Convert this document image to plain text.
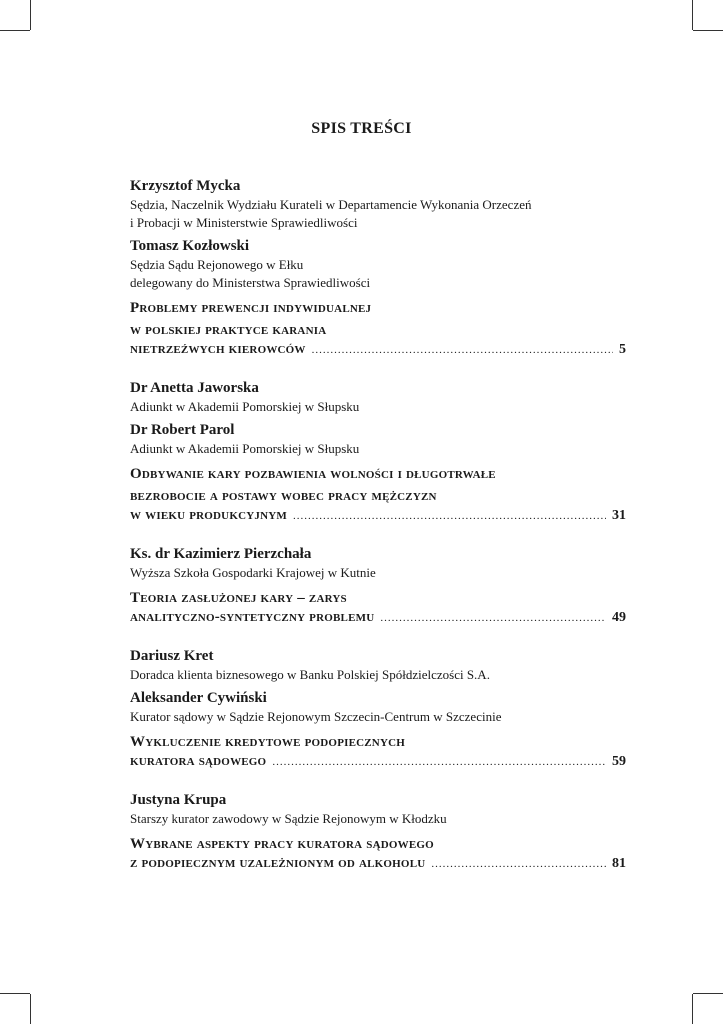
SPIS TREŚCI
Krzysztof Mycka
Sędzia, Naczelnik Wydziału Kurateli w Departamencie Wykonania Orzeczeń
i Probacji w Ministerstwie Sprawiedliwości
Tomasz Kozłowski
Sędzia Sądu Rejonowego w Ełku
delegowany do Ministerstwa Sprawiedliwości
Problemy prewencji indywidualnej
w polskiej praktyce karania
nietrzeźwych kierowców .....	5
Dr Anetta Jaworska
Adiunkt w Akademii Pomorskiej w Słupsku
Dr Robert Parol
Adiunkt w Akademii Pomorskiej w Słupsku
Odbywanie kary pozbawienia wolności i długotrwałe
bezrobocie a postawy wobec pracy mężczyzn
w wieku produkcyjnym .....	31
Ks. dr Kazimierz Pierzchała
Wyższa Szkoła Gospodarki Krajowej w Kutnie
Teoria zasłużonej kary – zarys
analityczno-syntetyczny problemu .....	49
Dariusz Kret
Doradca klienta biznesowego w Banku Polskiej Spółdzielczości S.A.
Aleksander Cywiński
Kurator sądowy w Sądzie Rejonowym Szczecin-Centrum w Szczecinie
Wykluczenie kredytowe podopiecznych
kuratora sądowego .....	59
Justyna Krupa
Starszy kurator zawodowy w Sądzie Rejonowym w Kłodzku
Wybrane aspekty pracy kuratora sądowego
z podopiecznym uzależnionym od alkoholu .....	81
